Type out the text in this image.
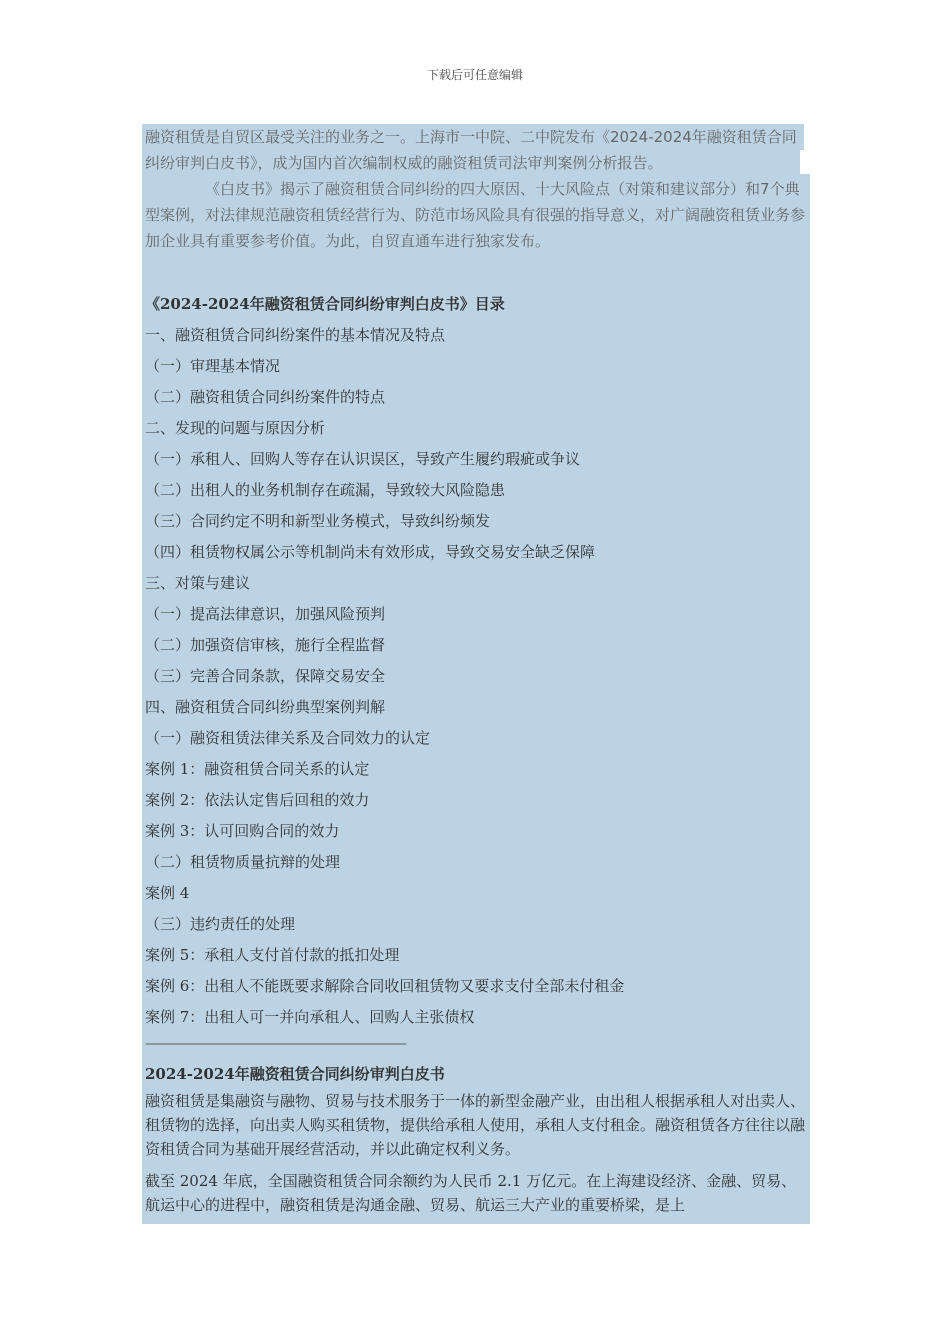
下载后可任意编辑

融资租赁是自贸区最受关注的业务之一。上海市一中院、二中院发布《2024-2024年融资租赁合同纠纷审判白皮书》，成为国内首次编制权威的融资租赁司法审判案例分析报告。

《白皮书》揭示了融资租赁合同纠纷的四大原因、十大风险点（对策和建议部分）和7个典型案例，对法律规范融资租赁经营行为、防范市场风险具有很强的指导意义，对广阔融资租赁业务参加企业具有重要参考价值。为此，自贸直通车进行独家发布。

《2024-2024年融资租赁合同纠纷审判白皮书》目录

一、融资租赁合同纠纷案件的基本情况及特点

（一）审理基本情况

（二）融资租赁合同纠纷案件的特点

二、发现的问题与原因分析

（一）承租人、回购人等存在认识误区，导致产生履约瑕疵或争议

（二）出租人的业务机制存在疏漏，导致较大风险隐患

（三）合同约定不明和新型业务模式，导致纠纷频发

（四）租赁物权属公示等机制尚未有效形成，导致交易安全缺乏保障

三、对策与建议

（一）提高法律意识，加强风险预判

（二）加强资信审核，施行全程监督

（三）完善合同条款，保障交易安全

四、融资租赁合同纠纷典型案例判解

（一）融资租赁法律关系及合同效力的认定

案例 1：融资租赁合同关系的认定

案例 2：依法认定售后回租的效力

案例 3：认可回购合同的效力

（二）租赁物质量抗辩的处理

案例 4

（三）违约责任的处理

案例 5：承租人支付首付款的抵扣处理

案例 6：出租人不能既要求解除合同收回租赁物又要求支付全部未付租金

案例 7：出租人可一并向承租人、回购人主张债权

————————————————————

2024-2024年融资租赁合同纠纷审判白皮书

融资租赁是集融资与融物、贸易与技术服务于一体的新型金融产业，由出租人根据承租人对出卖人、租赁物的选择，向出卖人购买租赁物，提供给承租人使用，承租人支付租金。融资租赁各方往往以融资租赁合同为基础开展经营活动，并以此确定权利义务。

截至 2024 年底，全国融资租赁合同余额约为人民币 2.1 万亿元。在上海建设经济、金融、贸易、航运中心的进程中，融资租赁是沟通金融、贸易、航运三大产业的重要桥梁，是上
